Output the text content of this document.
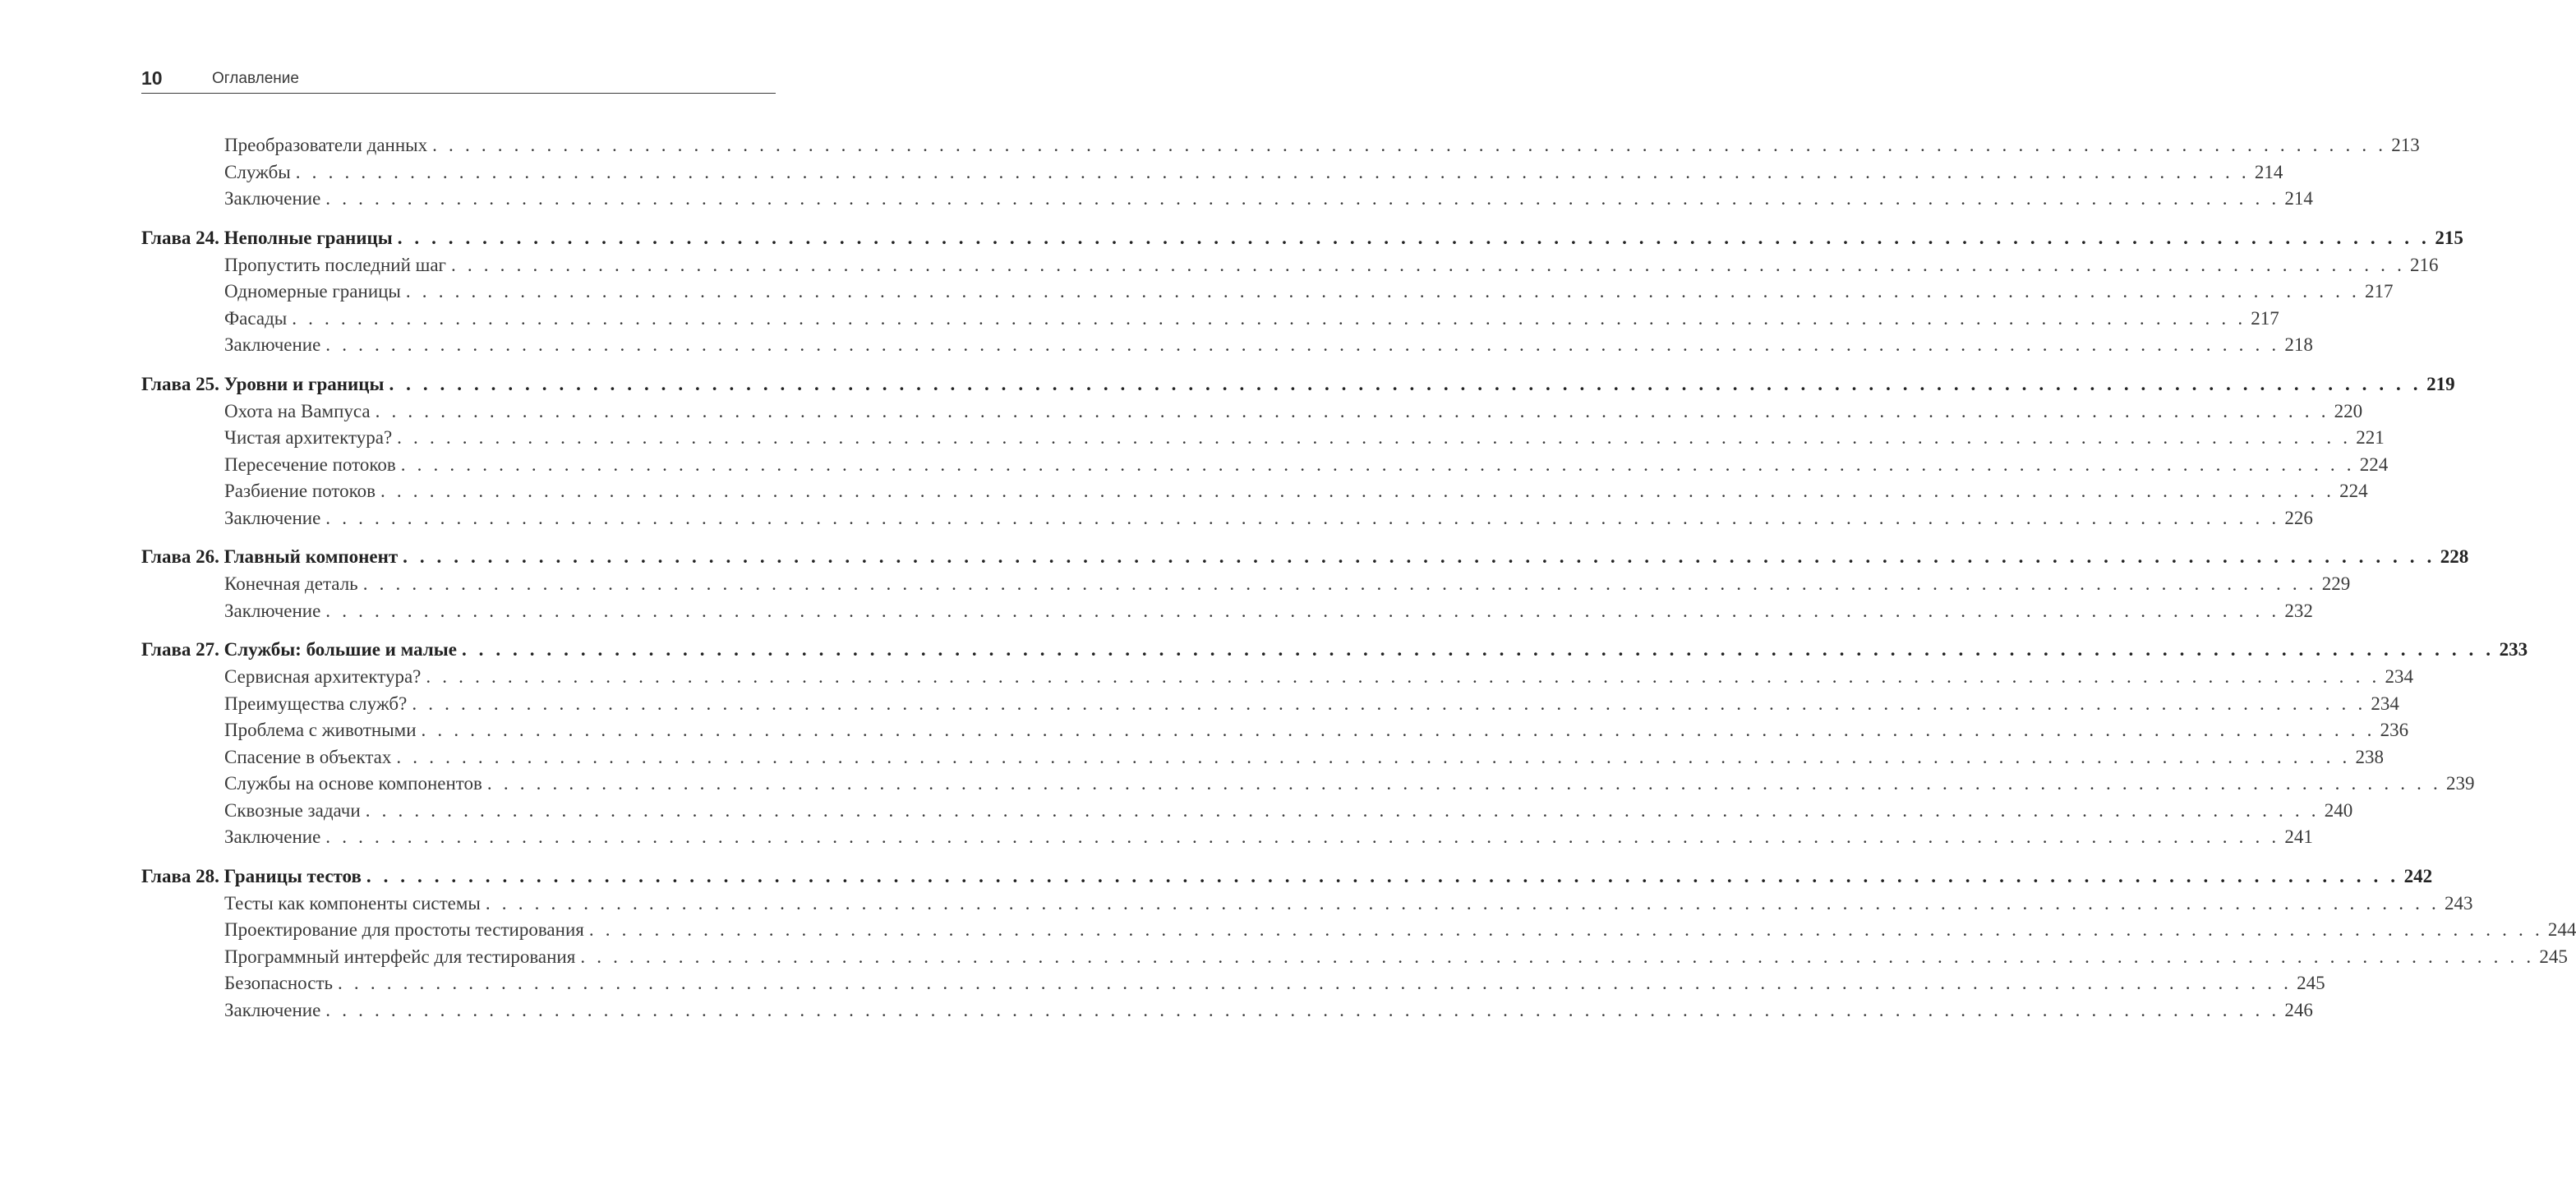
10	Оглавление
Преобразователи данных . . . . . . . . . . . . . . . . . . . . . . . . . . . . . . . . . . . . . . . . . . . . . . . . . . . . . . . . . . . . . . . . . . . . . . . . . . . . . . . . . . . . . . . . . . . . . . . . . . . . . . . . . . . . . . . . . . . . . . . . 213
Службы . . . . . . . . . . . . . . . . . . . . . . . . . . . . . . . . . . . . . . . . . . . . . . . . . . . . . . . . . . . . . . . . . . . . . . . . . . . . . . . . . . . . . . . . . . . . . . . . . . . . . . . . . . . . . . . . . . . . . . . . 214
Заключение . . . . . . . . . . . . . . . . . . . . . . . . . . . . . . . . . . . . . . . . . . . . . . . . . . . . . . . . . . . . . . . . . . . . . . . . . . . . . . . . . . . . . . . . . . . . . . . . . . . . . . . . . . . . . . . . . . . . . . . . 214
Глава 24. Неполные границы . . . . . . . . . . . . . . . . . . . . . . . . . . . . . . . . . . . . . . . . . . . . . . . . . . . . . . . . . . . . . . . . . . . . . . . . . . . . . . . . . . . . . . . . . . . . . . . . . . . . . . . . . . . . . . . . . . . . . . . . 215
Пропустить последний шаг . . . . . . . . . . . . . . . . . . . . . . . . . . . . . . . . . . . . . . . . . . . . . . . . . . . . . . . . . . . . . . . . . . . . . . . . . . . . . . . . . . . . . . . . . . . . . . . . . . . . . . . . . . . . . . . . . . . . . . . . 216
Одномерные границы . . . . . . . . . . . . . . . . . . . . . . . . . . . . . . . . . . . . . . . . . . . . . . . . . . . . . . . . . . . . . . . . . . . . . . . . . . . . . . . . . . . . . . . . . . . . . . . . . . . . . . . . . . . . . . . . . . . . . . . . 217
Фасады . . . . . . . . . . . . . . . . . . . . . . . . . . . . . . . . . . . . . . . . . . . . . . . . . . . . . . . . . . . . . . . . . . . . . . . . . . . . . . . . . . . . . . . . . . . . . . . . . . . . . . . . . . . . . . . . . . . . . . . . 217
Заключение . . . . . . . . . . . . . . . . . . . . . . . . . . . . . . . . . . . . . . . . . . . . . . . . . . . . . . . . . . . . . . . . . . . . . . . . . . . . . . . . . . . . . . . . . . . . . . . . . . . . . . . . . . . . . . . . . . . . . . . . 218
Глава 25. Уровни и границы . . . . . . . . . . . . . . . . . . . . . . . . . . . . . . . . . . . . . . . . . . . . . . . . . . . . . . . . . . . . . . . . . . . . . . . . . . . . . . . . . . . . . . . . . . . . . . . . . . . . . . . . . . . . . . . . . . . . . . . . 219
Охота на Вампуса . . . . . . . . . . . . . . . . . . . . . . . . . . . . . . . . . . . . . . . . . . . . . . . . . . . . . . . . . . . . . . . . . . . . . . . . . . . . . . . . . . . . . . . . . . . . . . . . . . . . . . . . . . . . . . . . . . . . . . . . 220
Чистая архитектура? . . . . . . . . . . . . . . . . . . . . . . . . . . . . . . . . . . . . . . . . . . . . . . . . . . . . . . . . . . . . . . . . . . . . . . . . . . . . . . . . . . . . . . . . . . . . . . . . . . . . . . . . . . . . . . . . . . . . . . . . 221
Пересечение потоков . . . . . . . . . . . . . . . . . . . . . . . . . . . . . . . . . . . . . . . . . . . . . . . . . . . . . . . . . . . . . . . . . . . . . . . . . . . . . . . . . . . . . . . . . . . . . . . . . . . . . . . . . . . . . . . . . . . . . . . . 224
Разбиение потоков . . . . . . . . . . . . . . . . . . . . . . . . . . . . . . . . . . . . . . . . . . . . . . . . . . . . . . . . . . . . . . . . . . . . . . . . . . . . . . . . . . . . . . . . . . . . . . . . . . . . . . . . . . . . . . . . . . . . . . . . 224
Заключение . . . . . . . . . . . . . . . . . . . . . . . . . . . . . . . . . . . . . . . . . . . . . . . . . . . . . . . . . . . . . . . . . . . . . . . . . . . . . . . . . . . . . . . . . . . . . . . . . . . . . . . . . . . . . . . . . . . . . . . . 226
Глава 26. Главный компонент . . . . . . . . . . . . . . . . . . . . . . . . . . . . . . . . . . . . . . . . . . . . . . . . . . . . . . . . . . . . . . . . . . . . . . . . . . . . . . . . . . . . . . . . . . . . . . . . . . . . . . . . . . . . . . . . . . . . . . . . 228
Конечная деталь . . . . . . . . . . . . . . . . . . . . . . . . . . . . . . . . . . . . . . . . . . . . . . . . . . . . . . . . . . . . . . . . . . . . . . . . . . . . . . . . . . . . . . . . . . . . . . . . . . . . . . . . . . . . . . . . . . . . . . . . 229
Заключение . . . . . . . . . . . . . . . . . . . . . . . . . . . . . . . . . . . . . . . . . . . . . . . . . . . . . . . . . . . . . . . . . . . . . . . . . . . . . . . . . . . . . . . . . . . . . . . . . . . . . . . . . . . . . . . . . . . . . . . . 232
Глава 27. Службы: большие и малые . . . . . . . . . . . . . . . . . . . . . . . . . . . . . . . . . . . . . . . . . . . . . . . . . . . . . . . . . . . . . . . . . . . . . . . . . . . . . . . . . . . . . . . . . . . . . . . . . . . . . . . . . . . . . . . . . . . . . . . . 233
Сервисная архитектура? . . . . . . . . . . . . . . . . . . . . . . . . . . . . . . . . . . . . . . . . . . . . . . . . . . . . . . . . . . . . . . . . . . . . . . . . . . . . . . . . . . . . . . . . . . . . . . . . . . . . . . . . . . . . . . . . . . . . . . . . 234
Преимущества служб? . . . . . . . . . . . . . . . . . . . . . . . . . . . . . . . . . . . . . . . . . . . . . . . . . . . . . . . . . . . . . . . . . . . . . . . . . . . . . . . . . . . . . . . . . . . . . . . . . . . . . . . . . . . . . . . . . . . . . . . . 234
Проблема с животными . . . . . . . . . . . . . . . . . . . . . . . . . . . . . . . . . . . . . . . . . . . . . . . . . . . . . . . . . . . . . . . . . . . . . . . . . . . . . . . . . . . . . . . . . . . . . . . . . . . . . . . . . . . . . . . . . . . . . . . . 236
Спасение в объектах . . . . . . . . . . . . . . . . . . . . . . . . . . . . . . . . . . . . . . . . . . . . . . . . . . . . . . . . . . . . . . . . . . . . . . . . . . . . . . . . . . . . . . . . . . . . . . . . . . . . . . . . . . . . . . . . . . . . . . . . 238
Службы на основе компонентов . . . . . . . . . . . . . . . . . . . . . . . . . . . . . . . . . . . . . . . . . . . . . . . . . . . . . . . . . . . . . . . . . . . . . . . . . . . . . . . . . . . . . . . . . . . . . . . . . . . . . . . . . . . . . . . . . . . . . . . . 239
Сквозные задачи . . . . . . . . . . . . . . . . . . . . . . . . . . . . . . . . . . . . . . . . . . . . . . . . . . . . . . . . . . . . . . . . . . . . . . . . . . . . . . . . . . . . . . . . . . . . . . . . . . . . . . . . . . . . . . . . . . . . . . . . 240
Заключение . . . . . . . . . . . . . . . . . . . . . . . . . . . . . . . . . . . . . . . . . . . . . . . . . . . . . . . . . . . . . . . . . . . . . . . . . . . . . . . . . . . . . . . . . . . . . . . . . . . . . . . . . . . . . . . . . . . . . . . . 241
Глава 28. Границы тестов . . . . . . . . . . . . . . . . . . . . . . . . . . . . . . . . . . . . . . . . . . . . . . . . . . . . . . . . . . . . . . . . . . . . . . . . . . . . . . . . . . . . . . . . . . . . . . . . . . . . . . . . . . . . . . . . . . . . . . . . 242
Тесты как компоненты системы . . . . . . . . . . . . . . . . . . . . . . . . . . . . . . . . . . . . . . . . . . . . . . . . . . . . . . . . . . . . . . . . . . . . . . . . . . . . . . . . . . . . . . . . . . . . . . . . . . . . . . . . . . . . . . . . . . . . . . . . 243
Проектирование для простоты тестирования . . . . . . . . . . . . . . . . . . . . . . . . . . . . . . . . . . . . . . . . . . . . . . . . . . . . . . . . . . . . . . . . . . . . . . . . . . . . . . . . . . . . . . . . . . . . . . . . . . . . . . . . . . . . . . . . . . . . . . . . 244
Программный интерфейс для тестирования . . . . . . . . . . . . . . . . . . . . . . . . . . . . . . . . . . . . . . . . . . . . . . . . . . . . . . . . . . . . . . . . . . . . . . . . . . . . . . . . . . . . . . . . . . . . . . . . . . . . . . . . . . . . . . . . . . . . . . . . 245
Безопасность . . . . . . . . . . . . . . . . . . . . . . . . . . . . . . . . . . . . . . . . . . . . . . . . . . . . . . . . . . . . . . . . . . . . . . . . . . . . . . . . . . . . . . . . . . . . . . . . . . . . . . . . . . . . . . . . . . . . . . . . 245
Заключение . . . . . . . . . . . . . . . . . . . . . . . . . . . . . . . . . . . . . . . . . . . . . . . . . . . . . . . . . . . . . . . . . . . . . . . . . . . . . . . . . . . . . . . . . . . . . . . . . . . . . . . . . . . . . . . . . . . . . . . . 246
